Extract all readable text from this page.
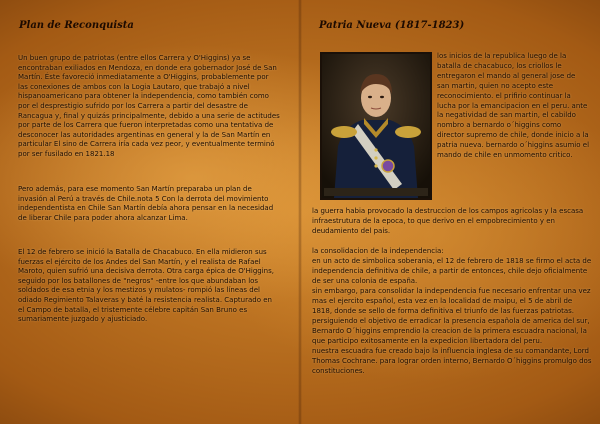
Plan de Reconquista

Un buen grupo de patriotas (entre ellos Carrera y O'Higgins) ya se encontraban exiliados en Mendoza, en donde era gobernador José de San Martín. Éste favoreció inmediatamente a O'Higgins, probablemente por las conexiones de ambos con la Logia Lautaro, que trabajó a nivel hispanoamericano para obtener la independencia, como también como por el desprestigio sufrido por los Carrera a partir del desastre de Rancagua y, final y quizás principalmente, debido a una serie de actitudes por parte de los Carrera que fueron interpretadas como una tentativa de desconocer las autoridades argentinas en general y la de San Martín en particular El sino de Carrera iría cada vez peor, y eventualmente terminó por ser fusilado en 1821.18

Pero además, para ese momento San Martín preparaba un plan de invasión al Perú a través de Chile.nota 5 Con la derrota del movimiento independentista en Chile San Martín debía ahora pensar en la necesidad de liberar Chile para poder ahora alcanzar Lima.

El 12 de febrero se inició la Batalla de Chacabuco. En ella midieron sus fuerzas el ejército de los Andes del San Martín, y el realista de Rafael Maroto, quien sufrió una decisiva derrota. Otra carga épica de O'Higgins, seguido por los batallones de "negros" -entre los que abundaban los soldados de esa etnia y los mestizos y mulatos- rompió las líneas del odiado Regimiento Talaveras y baté la resistencia realista. Capturado en el Campo de batalla, el tristemente célebre capitán San Bruno es sumariamente juzgado y ajusticiado.

Patria Nueva (1817-1823)

los inicios de la republica luego de la batalla de chacabuco, los criollos le entregaron el mando al general jose de san martin, quien no acepto este reconocimiento. el prifirio continuar la lucha por la emancipacion en el peru. ante la negatividad de san martin, el cabildo nombro a bernardo o´higgins como director supremo de chile, donde inicio a la patria nueva. bernardo o´higgins asumio el mando de chile en unmomento critico.

la guerra habia provocado la destruccion de los campos agricolas y la escasa infraestrutura de la epoca, to que derivo en el empobrecimiento y en deudamiento del pais.

la consolidacion de la independencia:
en un acto de simbolica soberania, el 12 de febrero de 1818 se firmo el acta de independencia definitiva de chile, a partir de entonces, chile dejo oficialmente de ser una colonia de españa.
sin embargo, para consolidar la independencia fue necesario enfrentar una vez mas el ejercito español, esta vez en la localidad de maipu, el 5 de abril de 1818, donde se sello de forma definitiva el triunfo de las fuerzas patriotas.
persiguiendo el objetivo de erradicar la presencia española de america del sur, Bernardo O´higgins emprendio la creacion de la primera escuadra nacional, la que participo exitosamente en la expedicion libertadora del peru.
nuestra escuadra fue creado bajo la influencia inglesa de su comandante, Lord Thomas Cochrane. para lograr orden interno, Bernardo O´higgins promulgo dos constituciones.
